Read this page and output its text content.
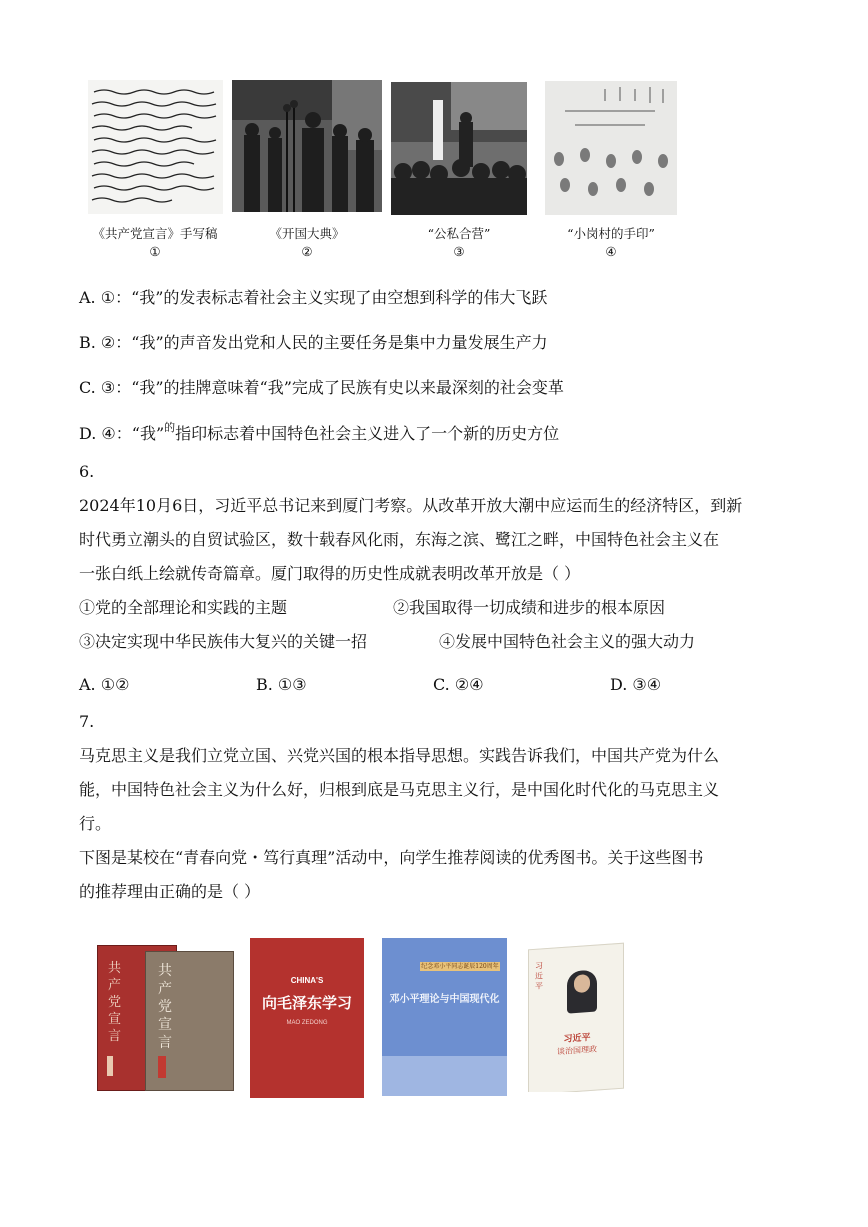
《共产党宣言》手写稿
①
《开国大典》
②
“公私合营”
③
“小岗村的手印”
④
A. ①：“我”的发表标志着社会主义实现了由空想到科学的伟大飞跃
B. ②：“我”的声音发出党和人民的主要任务是集中力量发展生产力
C. ③：“我”的挂牌意味着“我”完成了民族有史以来最深刻的社会变革
D. ④：“我”$^的$指印标志着中国特色社会主义进入了一个新的历史方位
6.
2024年10月6日，习近平总书记来到厦门考察。从改革开放大潮中应运而生的经济特区，到新
时代勇立潮头的自贸试验区，数十载春风化雨，东海之滨、鹭江之畔，中国特色社会主义在
一张白纸上绘就传奇篇章。厦门取得的历史性成就表明改革开放是（ ）
①党的全部理论和实践的主题	②我国取得一切成绩和进步的根本原因
③决定实现中华民族伟大复兴的关键一招	④发展中国特色社会主义的强大动力
A. ①②	B. ①③	C. ②④	D. ③④
7.
马克思主义是我们立党立国、兴党兴国的根本指导思想。实践告诉我们，中国共产党为什么
能，中国特色社会主义为什么好，归根到底是马克思主义行，是中国化时代化的马克思主义
行。
下图是某校在“青春向党・笃行真理”活动中，向学生推荐阅读的优秀图书。关于这些图书
的推荐理由正确的是（ ）
共产党宣言
共产党宣言
CHINA'S
向毛泽东学习
MAO ZEDONG
纪念邓小平同志诞辰120周年
邓小平理论与中国现代化
习近平
习近平
谈治国理政
